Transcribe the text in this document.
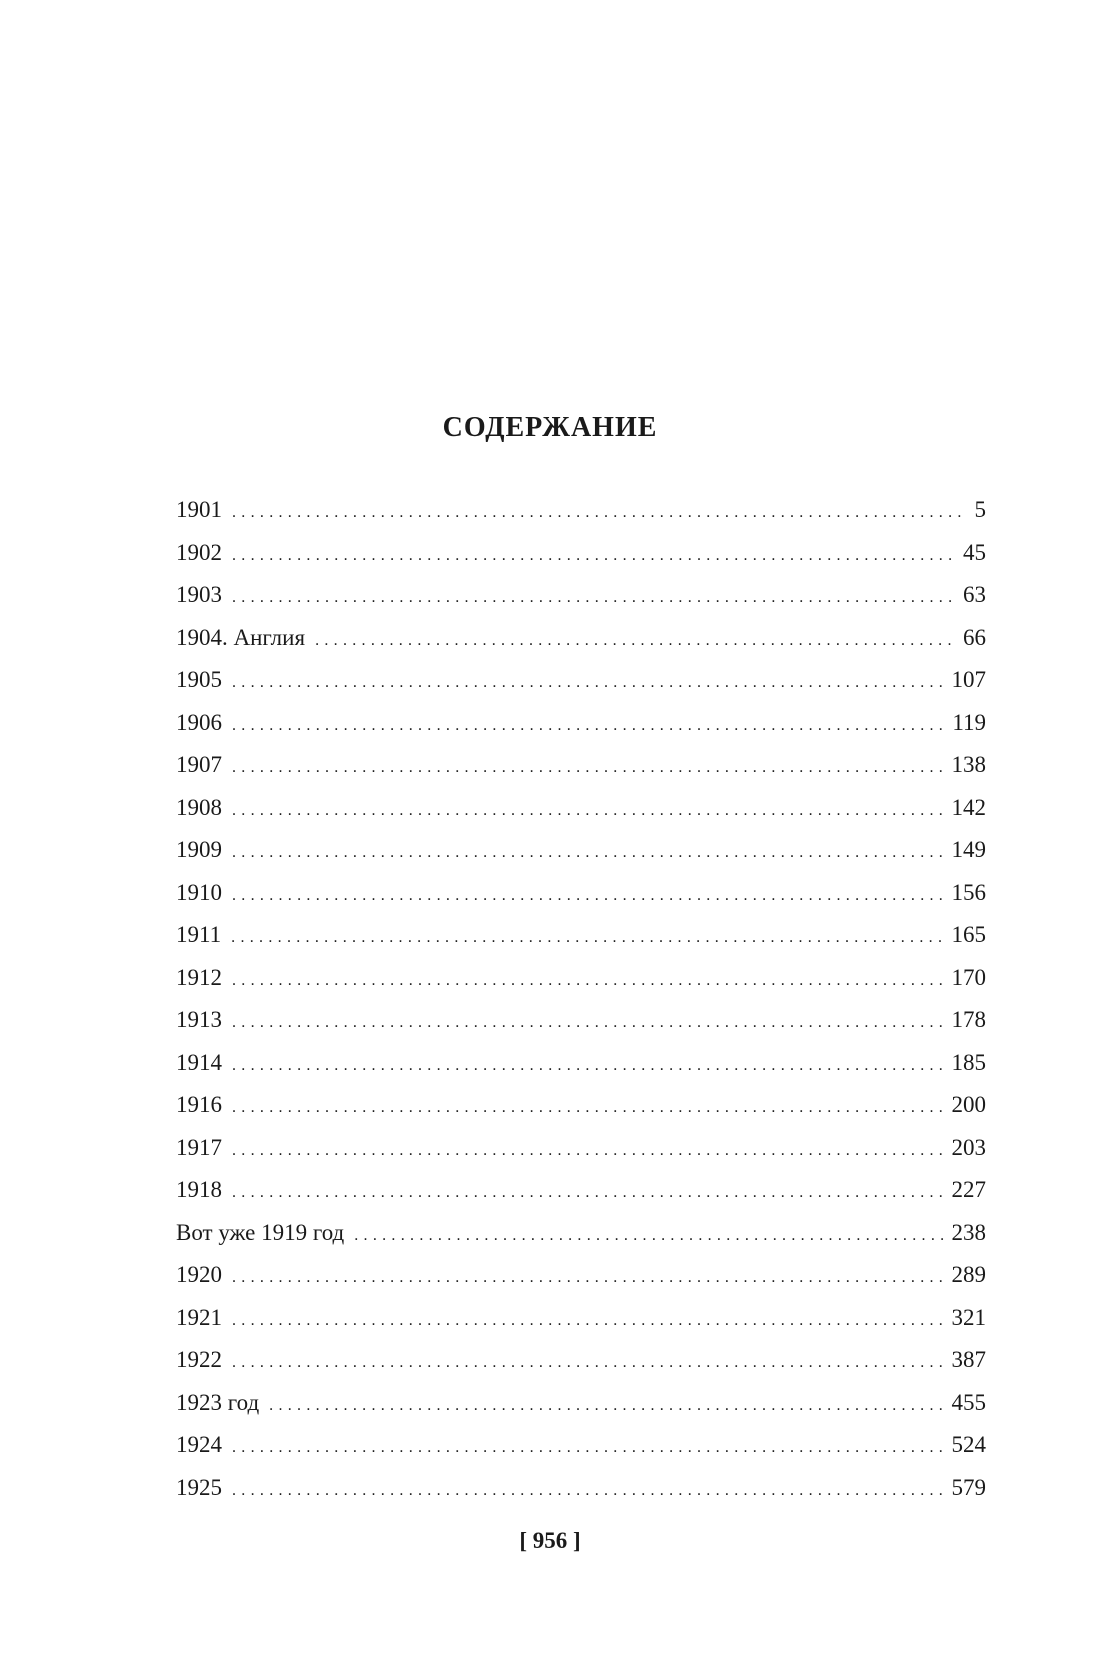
СОДЕРЖАНИЕ
1901 .....	5
1902 .....	45
1903 .....	63
1904. Англия .....	66
1905 .....	107
1906 .....	119
1907 .....	138
1908 .....	142
1909 .....	149
1910 .....	156
1911 .....	165
1912 .....	170
1913 .....	178
1914 .....	185
1916 .....	200
1917 .....	203
1918 .....	227
Вот уже 1919 год .....	238
1920 .....	289
1921 .....	321
1922 .....	387
1923 год .....	455
1924 .....	524
1925 .....	579
[ 956 ]
